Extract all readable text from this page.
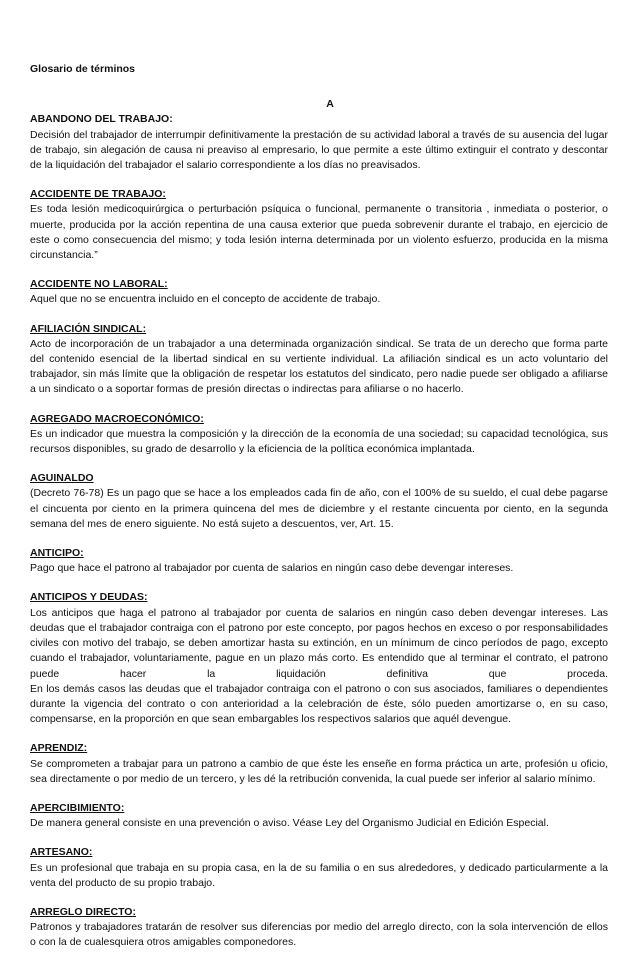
Glosario de términos

A

ABANDONO DEL TRABAJO:

Decisión del trabajador de interrumpir definitivamente la prestación de su actividad laboral a través de su ausencia del lugar de trabajo, sin alegación de causa ni preaviso al empresario, lo que permite a este último extinguir el contrato y descontar de la liquidación del trabajador el salario correspondiente a los días no preavisados.

ACCIDENTE DE TRABAJO:

Es toda lesión medicoquirúrgica o perturbación psíquica o funcional, permanente o transitoria , inmediata o posterior, o muerte, producida por la acción repentina de una causa exterior que pueda sobrevenir durante el trabajo, en ejercicio de este o como consecuencia del mismo; y toda lesión interna determinada por un violento esfuerzo, producida en la misma circunstancia.”

ACCIDENTE NO LABORAL:

Aquel que no se encuentra incluido en el concepto de accidente de trabajo.

AFILIACIÓN SINDICAL:

Acto de incorporación de un trabajador a una determinada organización sindical. Se trata de un derecho que forma parte del contenido esencial de la libertad sindical en su vertiente individual. La afiliación sindical es un acto voluntario del trabajador, sin más límite que la obligación de respetar los estatutos del sindicato, pero nadie puede ser obligado a afiliarse a un sindicato o a soportar formas de presión directas o indirectas para afiliarse o no hacerlo.

AGREGADO MACROECONÓMICO:

Es un indicador que muestra la composición y la dirección de la economía de una sociedad; su capacidad tecnológica, sus recursos disponibles, su grado de desarrollo y la eficiencia de la política económica implantada.

AGUINALDO

(Decreto 76-78) Es un pago que se hace a los empleados cada fin de año, con el 100% de su sueldo, el cual debe pagarse el cincuenta por ciento en la primera quincena del mes de diciembre y el restante cincuenta por ciento, en la segunda semana del mes de enero siguiente. No está sujeto a descuentos, ver, Art. 15.

ANTICIPO:

Pago que hace el patrono al trabajador por cuenta de salarios en ningún caso debe devengar intereses.

ANTICIPOS Y DEUDAS:

Los anticipos que haga el patrono al trabajador por cuenta de salarios en ningún caso deben devengar intereses. Las deudas que el trabajador contraiga con el patrono por este concepto, por pagos hechos en exceso o por responsabilidades civiles con motivo del trabajo, se deben amortizar hasta su extinción, en un mínimum de cinco períodos de pago, excepto cuando el trabajador, voluntariamente, pague en un plazo más corto. Es entendido que al terminar el contrato, el patrono puede hacer la liquidación definitiva que proceda.

En los demás casos las deudas que el trabajador contraiga con el patrono o con sus asociados, familiares o dependientes durante la vigencia del contrato o con anterioridad a la celebración de éste, sólo pueden amortizarse o, en su caso, compensarse, en la proporción en que sean embargables los respectivos salarios que aquél devengue.

APRENDIZ:

Se comprometen a trabajar para un patrono a cambio de que éste les enseñe en forma práctica un arte, profesión u oficio, sea directamente o por medio de un tercero, y les dé la retribución convenida, la cual puede ser inferior al salario mínimo.

APERCIBIMIENTO:

De manera general consiste en una prevención o aviso. Véase Ley del Organismo Judicial en Edición Especial.

ARTESANO:

Es un profesional que trabaja en su propia casa, en la de su familia o en sus alrededores, y dedicado particularmente a la venta del producto de su propio trabajo.

ARREGLO DIRECTO:

Patronos y trabajadores tratarán de resolver sus diferencias por medio del arreglo directo, con la sola intervención de ellos o con la de cualesquiera otros amigables componedores.
